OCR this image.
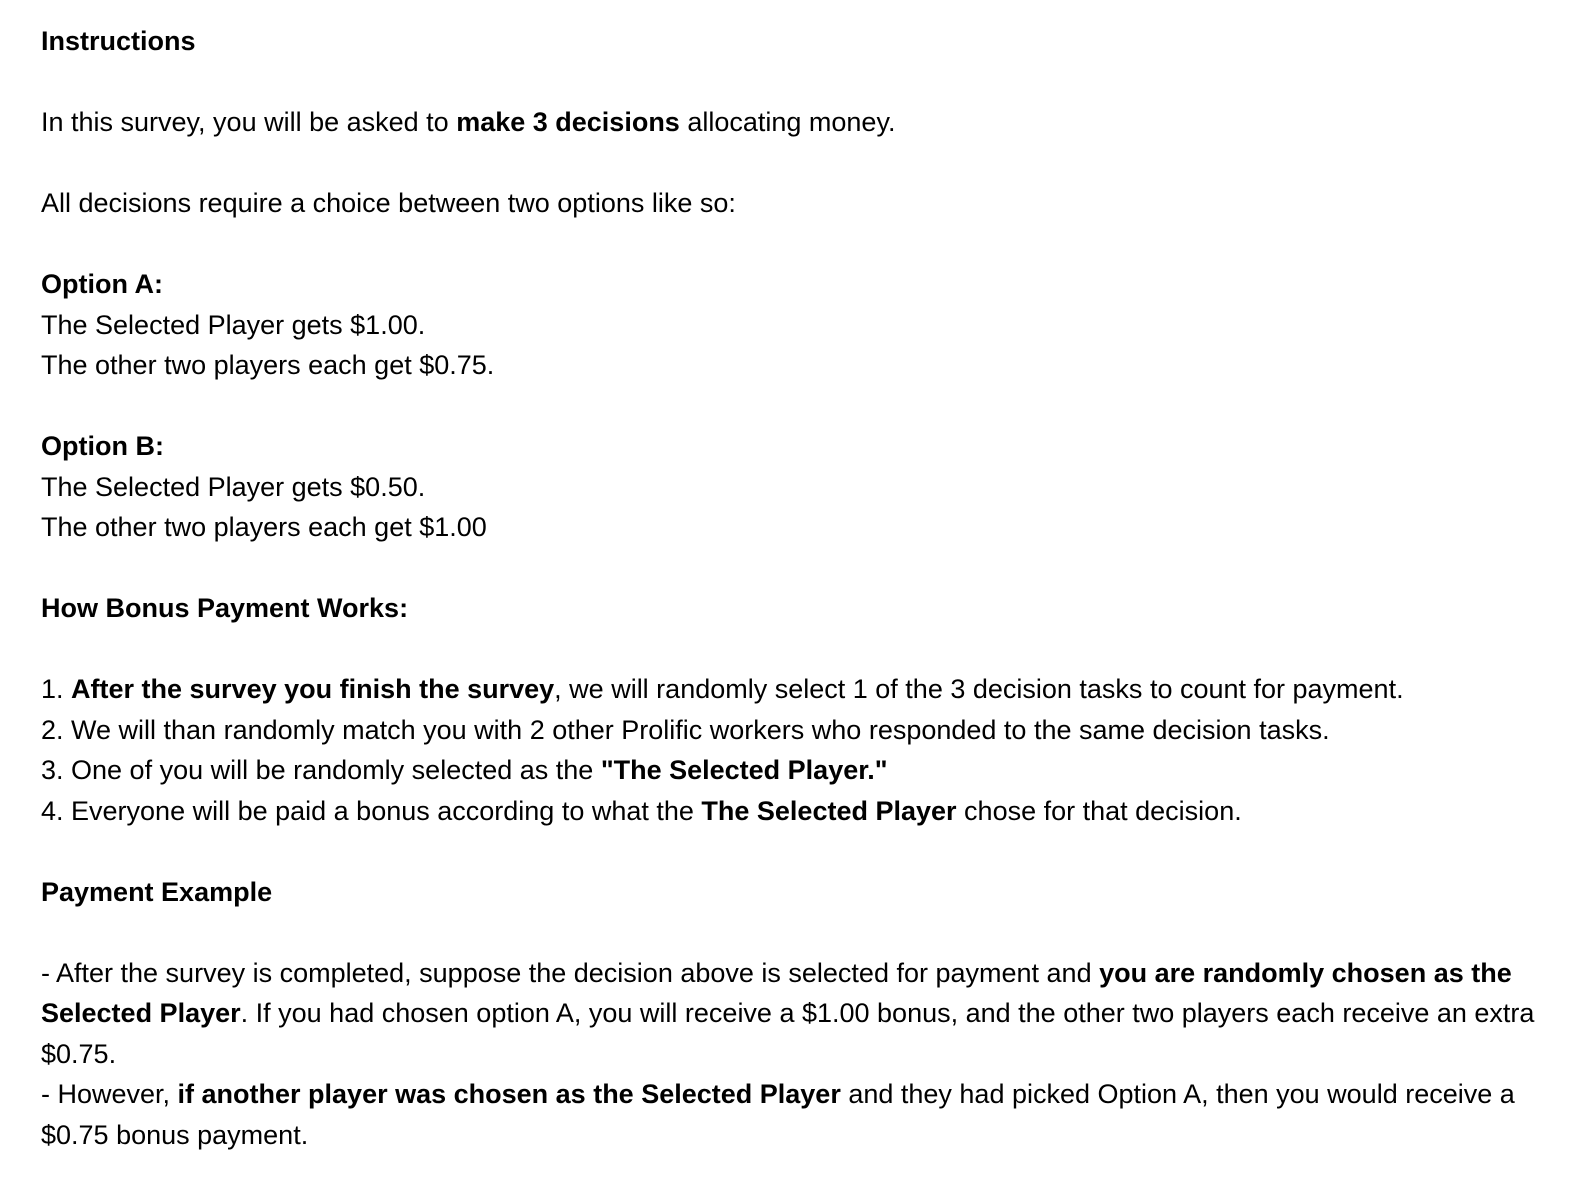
Instructions
In this survey, you will be asked to make 3 decisions allocating money.
All decisions require a choice between two options like so:
Option A:
The Selected Player gets $1.00.
The other two players each get $0.75.
Option B:
The Selected Player gets $0.50.
The other two players each get $1.00
How Bonus Payment Works:
1. After the survey you finish the survey, we will randomly select 1 of the 3 decision tasks to count for payment.
2. We will than randomly match you with 2 other Prolific workers who responded to the same decision tasks.
3. One of you will be randomly selected as the "The Selected Player."
4. Everyone will be paid a bonus according to what the The Selected Player chose for that decision.
Payment Example
- After the survey is completed, suppose the decision above is selected for payment and you are randomly chosen as the Selected Player. If you had chosen option A, you will receive a $1.00 bonus, and the other two players each receive an extra $0.75.
- However, if another player was chosen as the Selected Player and they had picked Option A, then you would receive a $0.75 bonus payment.
